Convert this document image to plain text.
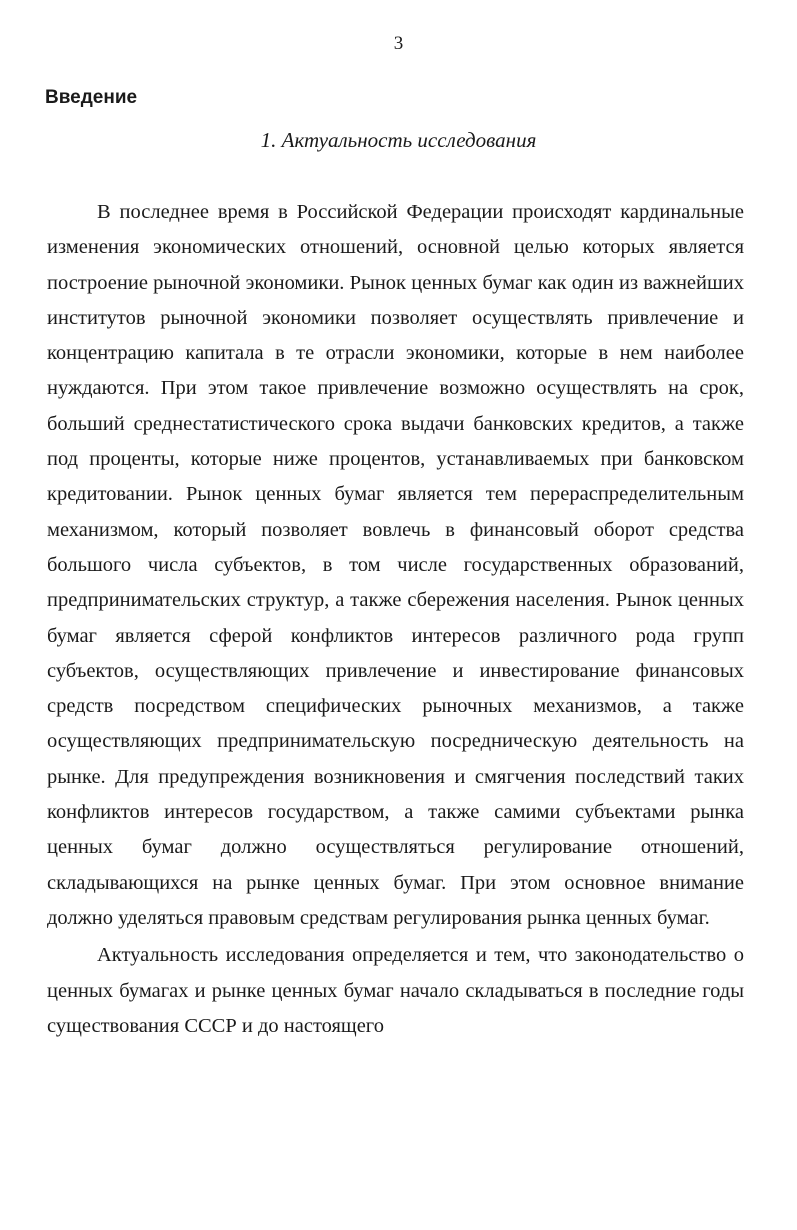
3
Введение
1. Актуальность исследования

В последнее время в Российской Федерации происходят кардинальные изменения экономических отношений, основной целью которых является построение рыночной экономики. Рынок ценных бумаг как один из важнейших институтов рыночной экономики позволяет осуществлять привлечение и концентрацию капитала в те отрасли экономики, которые в нем наиболее нуждаются. При этом такое привлечение возможно осуществлять на срок, больший среднестатистического срока выдачи банковских кредитов, а также под проценты, которые ниже процентов, устанавливаемых при банковском кредитовании. Рынок ценных бумаг является тем перераспределительным механизмом, который позволяет вовлечь в финансовый оборот средства большого числа субъектов, в том числе государственных образований, предпринимательских структур, а также сбережения населения. Рынок ценных бумаг является сферой конфликтов интересов различного рода групп субъектов, осуществляющих привлечение и инвестирование финансовых средств посредством специфических рыночных механизмов, а также осуществляющих предпринимательскую посредническую деятельность на рынке. Для предупреждения возникновения и смягчения последствий таких конфликтов интересов государством, а также самими субъектами рынка ценных бумаг должно осуществляться регулирование отношений, складывающихся на рынке ценных бумаг. При этом основное внимание должно уделяться правовым средствам регулирования рынка ценных бумаг.

Актуальность исследования определяется и тем, что законодательство о ценных бумагах и рынке ценных бумаг начало складываться в последние годы существования СССР и до настоящего
